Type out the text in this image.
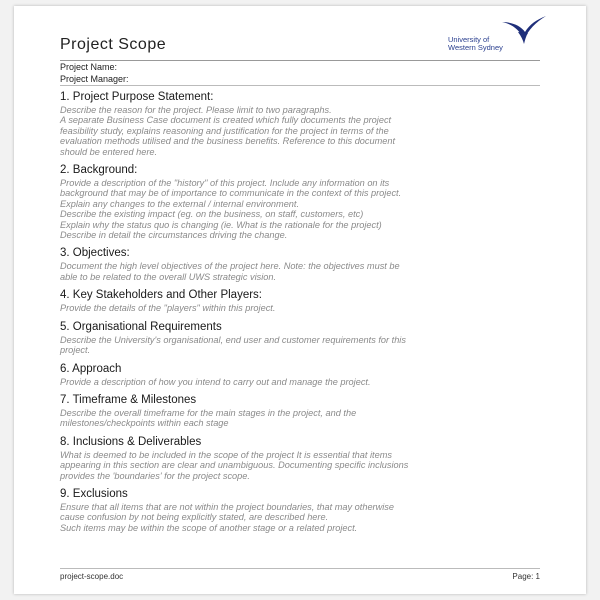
University of
Western Sydney
Project Scope
Project Name:
Project Manager:
1. Project Purpose Statement:
Describe the reason for the project. Please limit to two paragraphs.
A separate Business Case document is created which fully documents the project
feasibility study, explains reasoning and justification for the project in terms of the
evaluation methods utilised and the business benefits. Reference to this document
should be entered here.
2. Background:
Provide a description of the "history" of this project. Include any information on its
background that may be of importance to communicate in the context of this project.
Explain any changes to the external / internal environment.
Describe the existing impact (eg. on the business, on staff, customers, etc)
Explain why the status quo is changing (ie. What is the rationale for the project)
Describe in detail the circumstances driving the change.
3. Objectives:
Document the high level objectives of the project here. Note: the objectives must be
able to be related to the overall UWS strategic vision.
4. Key Stakeholders and Other Players:
Provide the details of the "players" within this project.
5. Organisational Requirements
Describe the University's organisational, end user and customer requirements for this
project.
6. Approach
Provide a description of how you intend to carry out and manage the project.
7. Timeframe & Milestones
Describe the overall timeframe for the main stages in the project, and the
milestones/checkpoints within each stage
8. Inclusions & Deliverables
What is deemed to be included in the scope of the project It is essential that items
appearing in this section are clear and unambiguous. Documenting specific inclusions
provides the 'boundaries' for the project scope.
9. Exclusions
Ensure that all items that are not within the project boundaries, that may otherwise
cause confusion by not being explicitly stated, are described here.
Such items may be within the scope of another stage or a related project.
project-scope.doc	Page: 1
